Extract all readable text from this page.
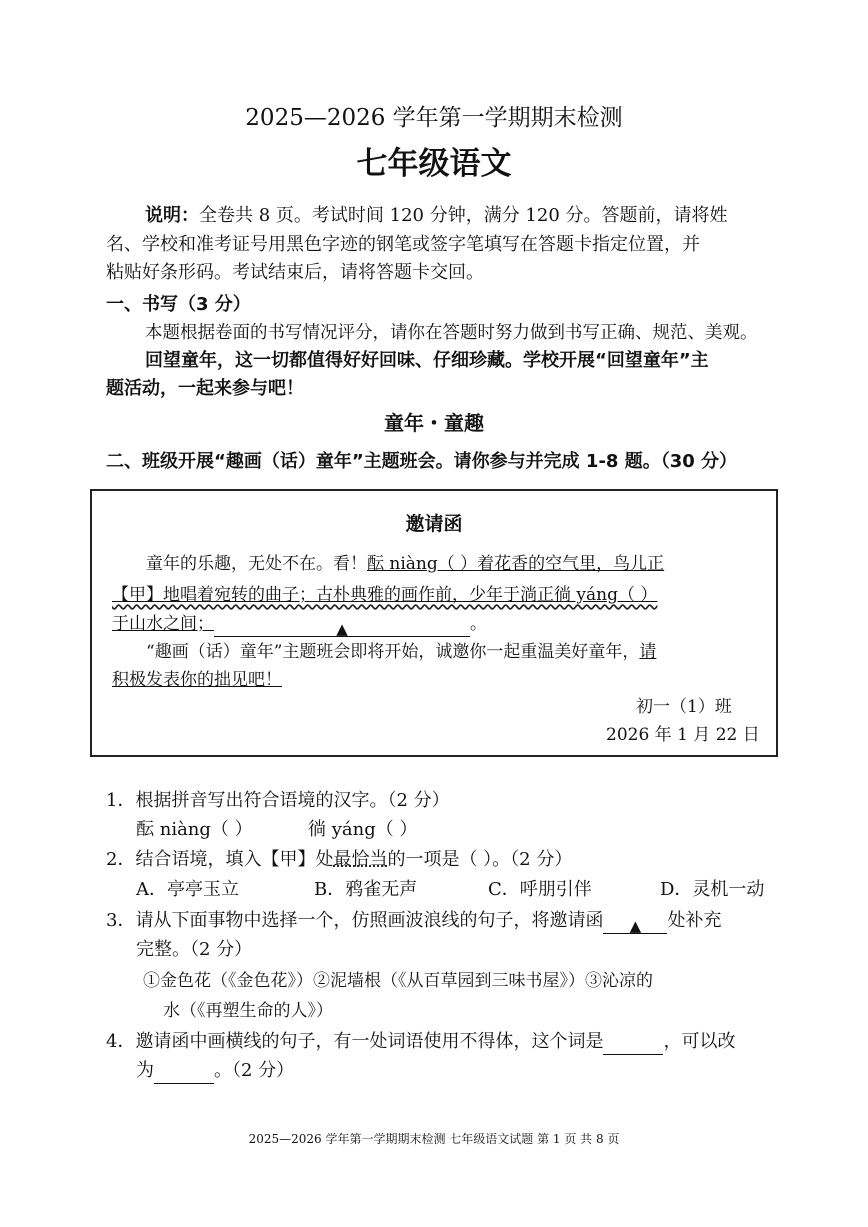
2025—2026 学年第一学期期末检测
七年级语文
说明：全卷共 8 页。考试时间 120 分钟，满分 120 分。答题前，请将姓
名、学校和准考证号用黑色字迹的钢笔或签字笔填写在答题卡指定位置，并
粘贴好条形码。考试结束后，请将答题卡交回。
一、书写（3 分）
本题根据卷面的书写情况评分，请你在答题时努力做到书写正确、规范、美观。
回望童年，这一切都值得好好回味、仔细珍藏。学校开展“回望童年”主
题活动，一起来参与吧！
童年・童趣
二、班级开展“趣画（话）童年”主题班会。请你参与并完成 1-8 题。（30 分）
邀请函
童年的乐趣，无处不在。看！酝 niàng（ ）着花香的空气里，鸟儿正
【甲】地唱着宛转的曲子；古朴典雅的画作前，少年于淌正徜 yáng（ ）
于山水之间；	▲	。
“趣画（话）童年”主题班会即将开始，诚邀你一起重温美好童年，请
积极发表你的拙见吧！
初一（1）班
2026 年 1 月 22 日
1．根据拼音写出符合语境的汉字。（2 分）
酝 niàng（ ）	徜 yáng（ ）
2．结合语境，填入【甲】处最恰当的一项是（ ）。（2 分）
A．亭亭玉立	B．鸦雀无声	C．呼朋引伴	D．灵机一动
3．请从下面事物中选择一个，仿照画波浪线的句子，将邀请函 ▲ 处补充
完整。（2 分）
①金色花（《金色花》）②泥墙根（《从百草园到三味书屋》）③沁凉的
水（《再塑生命的人》）
4．邀请函中画横线的句子，有一处词语使用不得体，这个词是	，可以改
为	。（2 分）
2025—2026 学年第一学期期末检测 七年级语文试题 第 1 页 共 8 页
